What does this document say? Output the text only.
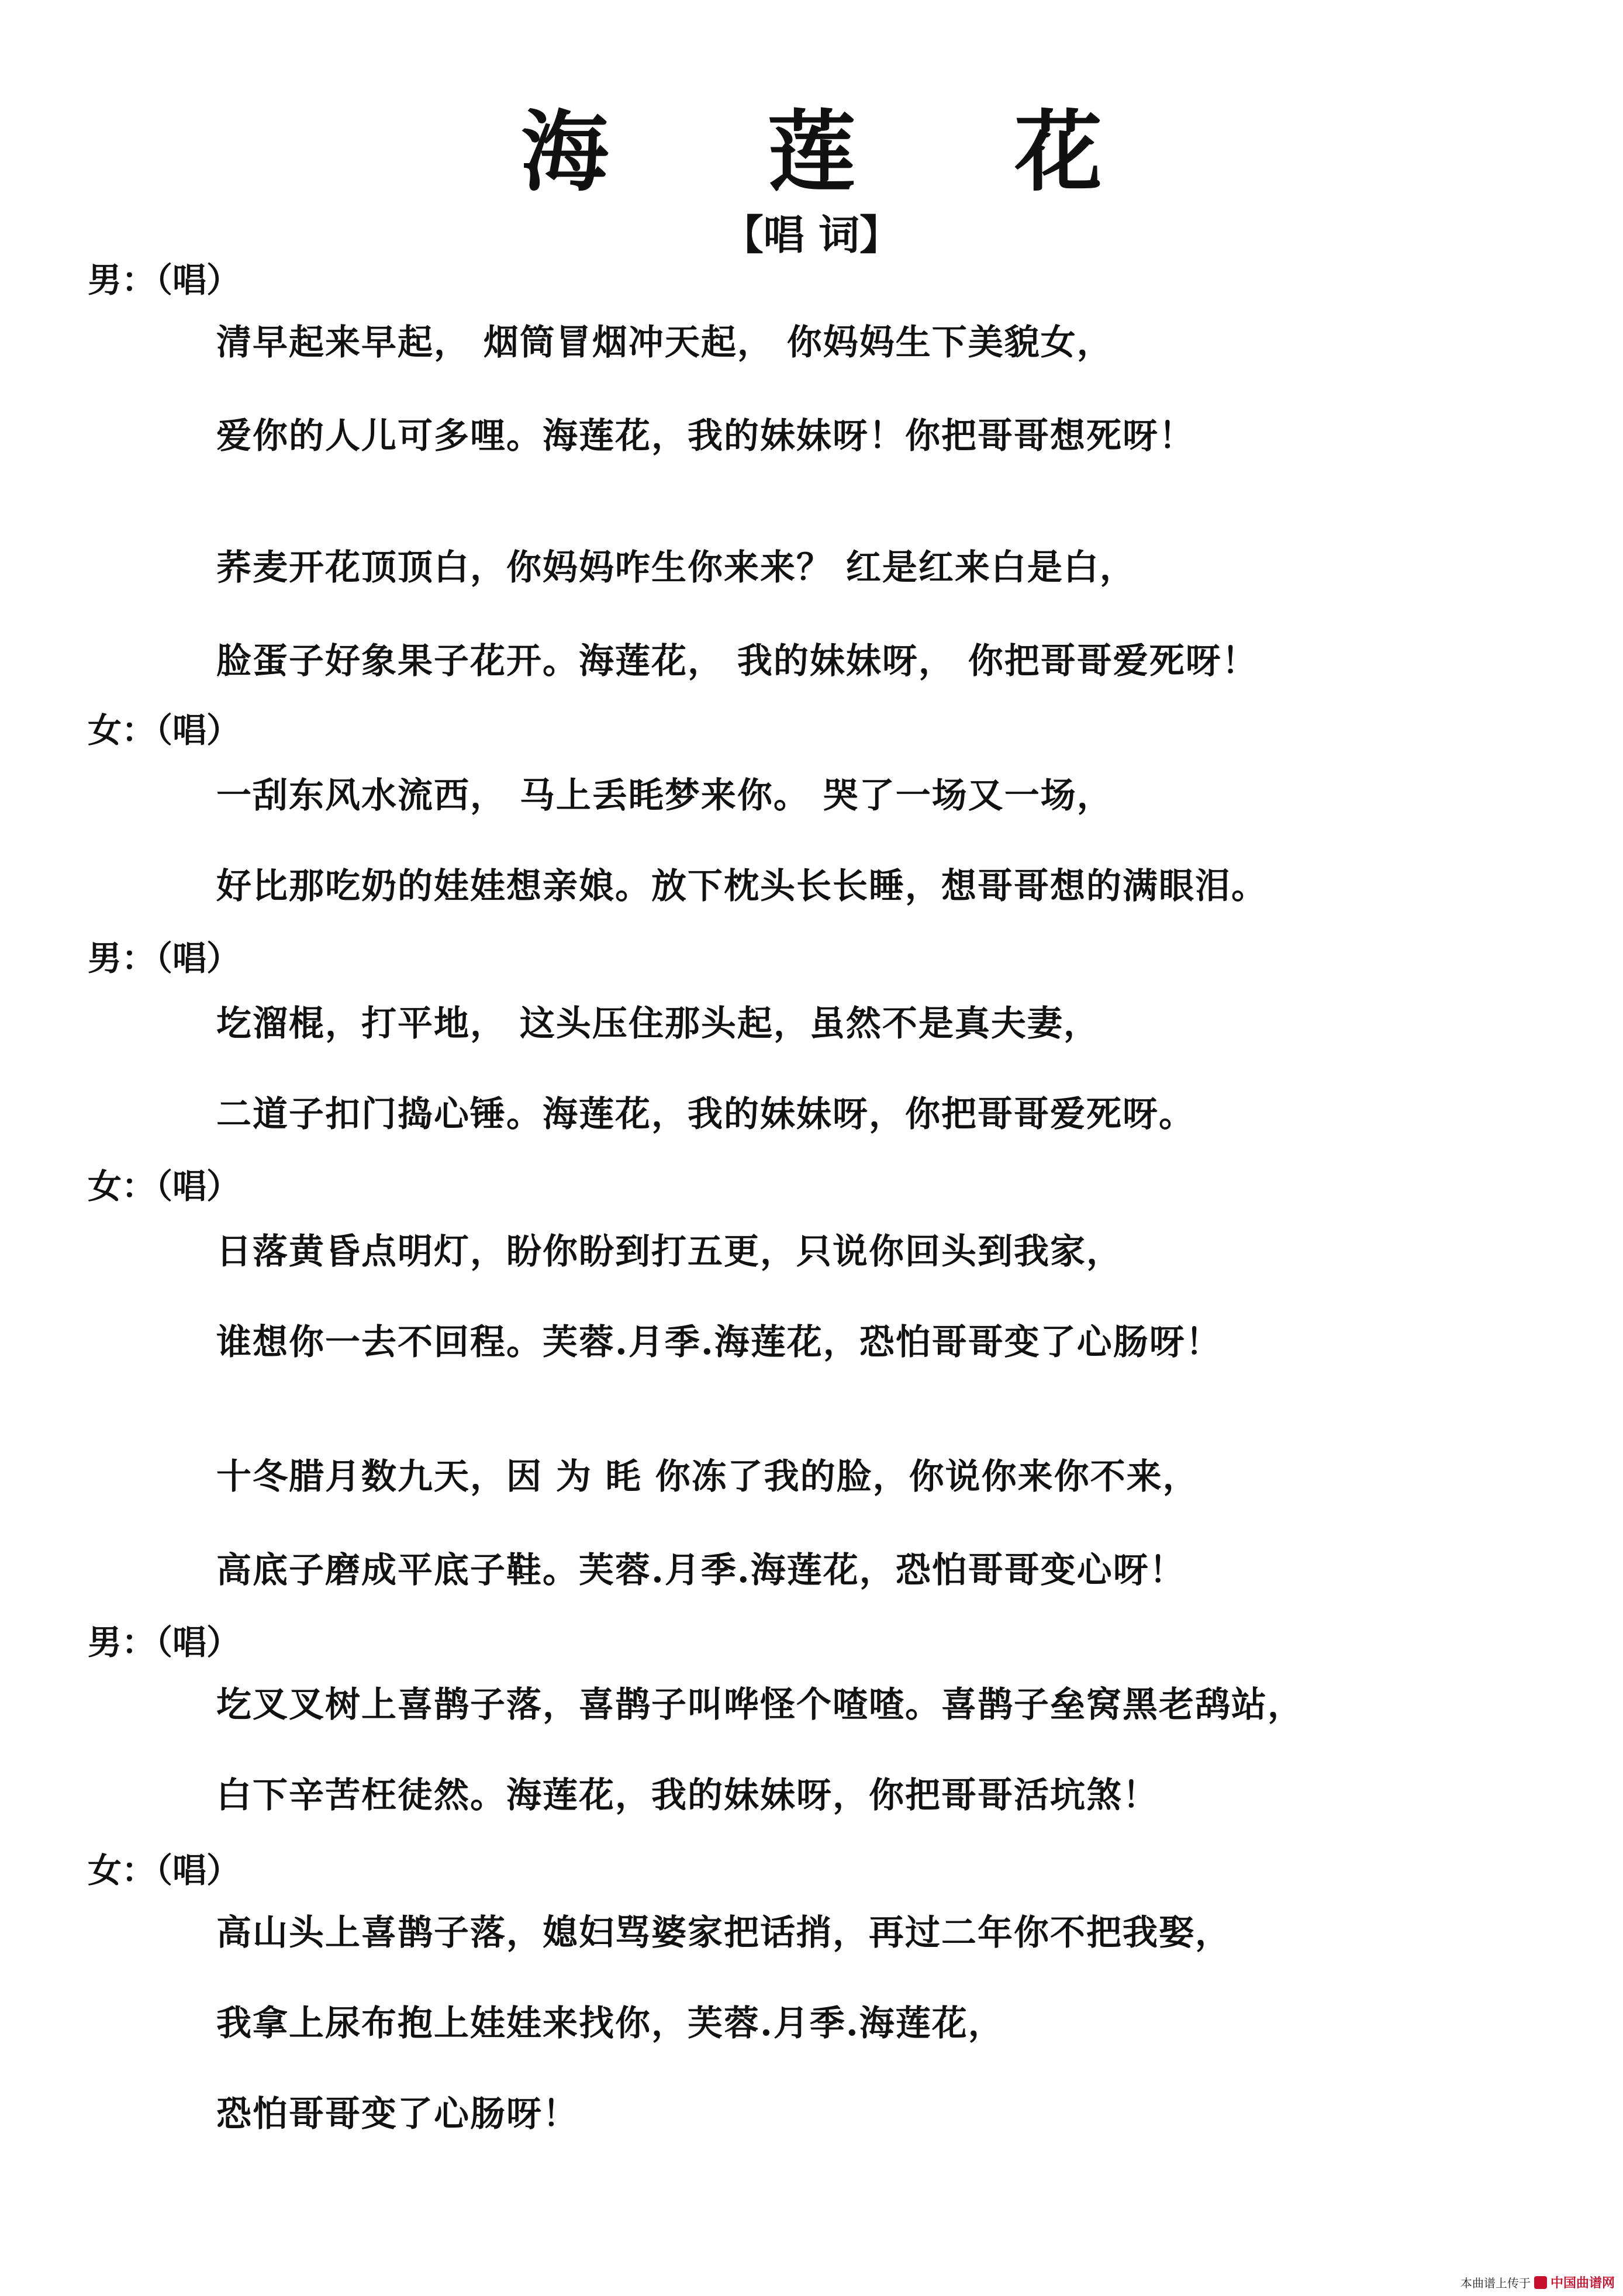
海 莲 花
【唱 词】
男：（唱）
清早起来早起， 烟筒冒烟冲天起， 你妈妈生下美貌女，
爱你的人儿可多哩。海莲花，我的妹妹呀！你把哥哥想死呀！
荞麦开花顶顶白，你妈妈咋生你来来？ 红是红来白是白，
脸蛋子好象果子花开。海莲花， 我的妹妹呀， 你把哥哥爱死呀！
女：（唱）
一刮东风水流西， 马上丢眊梦来你。 哭了一场又一场，
好比那吃奶的娃娃想亲娘。放下枕头长长睡，想哥哥想的满眼泪。
男：（唱）
圪溜棍，打平地， 这头压住那头起，虽然不是真夫妻，
二道子扣门捣心锤。海莲花，我的妹妹呀，你把哥哥爱死呀。
女：（唱）
日落黄昏点明灯，盼你盼到打五更，只说你回头到我家，
谁想你一去不回程。芙蓉.月季.海莲花，恐怕哥哥变了心肠呀！
十冬腊月数九天，因 为 眊 你冻了我的脸，你说你来你不来，
高底子磨成平底子鞋。芙蓉.月季.海莲花，恐怕哥哥变心呀！
男：（唱）
圪叉叉树上喜鹊子落，喜鹊子叫哗怪个喳喳。喜鹊子垒窝黑老鸹站，
白下辛苦枉徒然。海莲花，我的妹妹呀，你把哥哥活坑煞！
女：（唱）
高山头上喜鹊子落，媳妇骂婆家把话捎，再过二年你不把我娶，
我拿上尿布抱上娃娃来找你，芙蓉.月季.海莲花，
恐怕哥哥变了心肠呀！
本曲谱上传于 中国曲谱网
